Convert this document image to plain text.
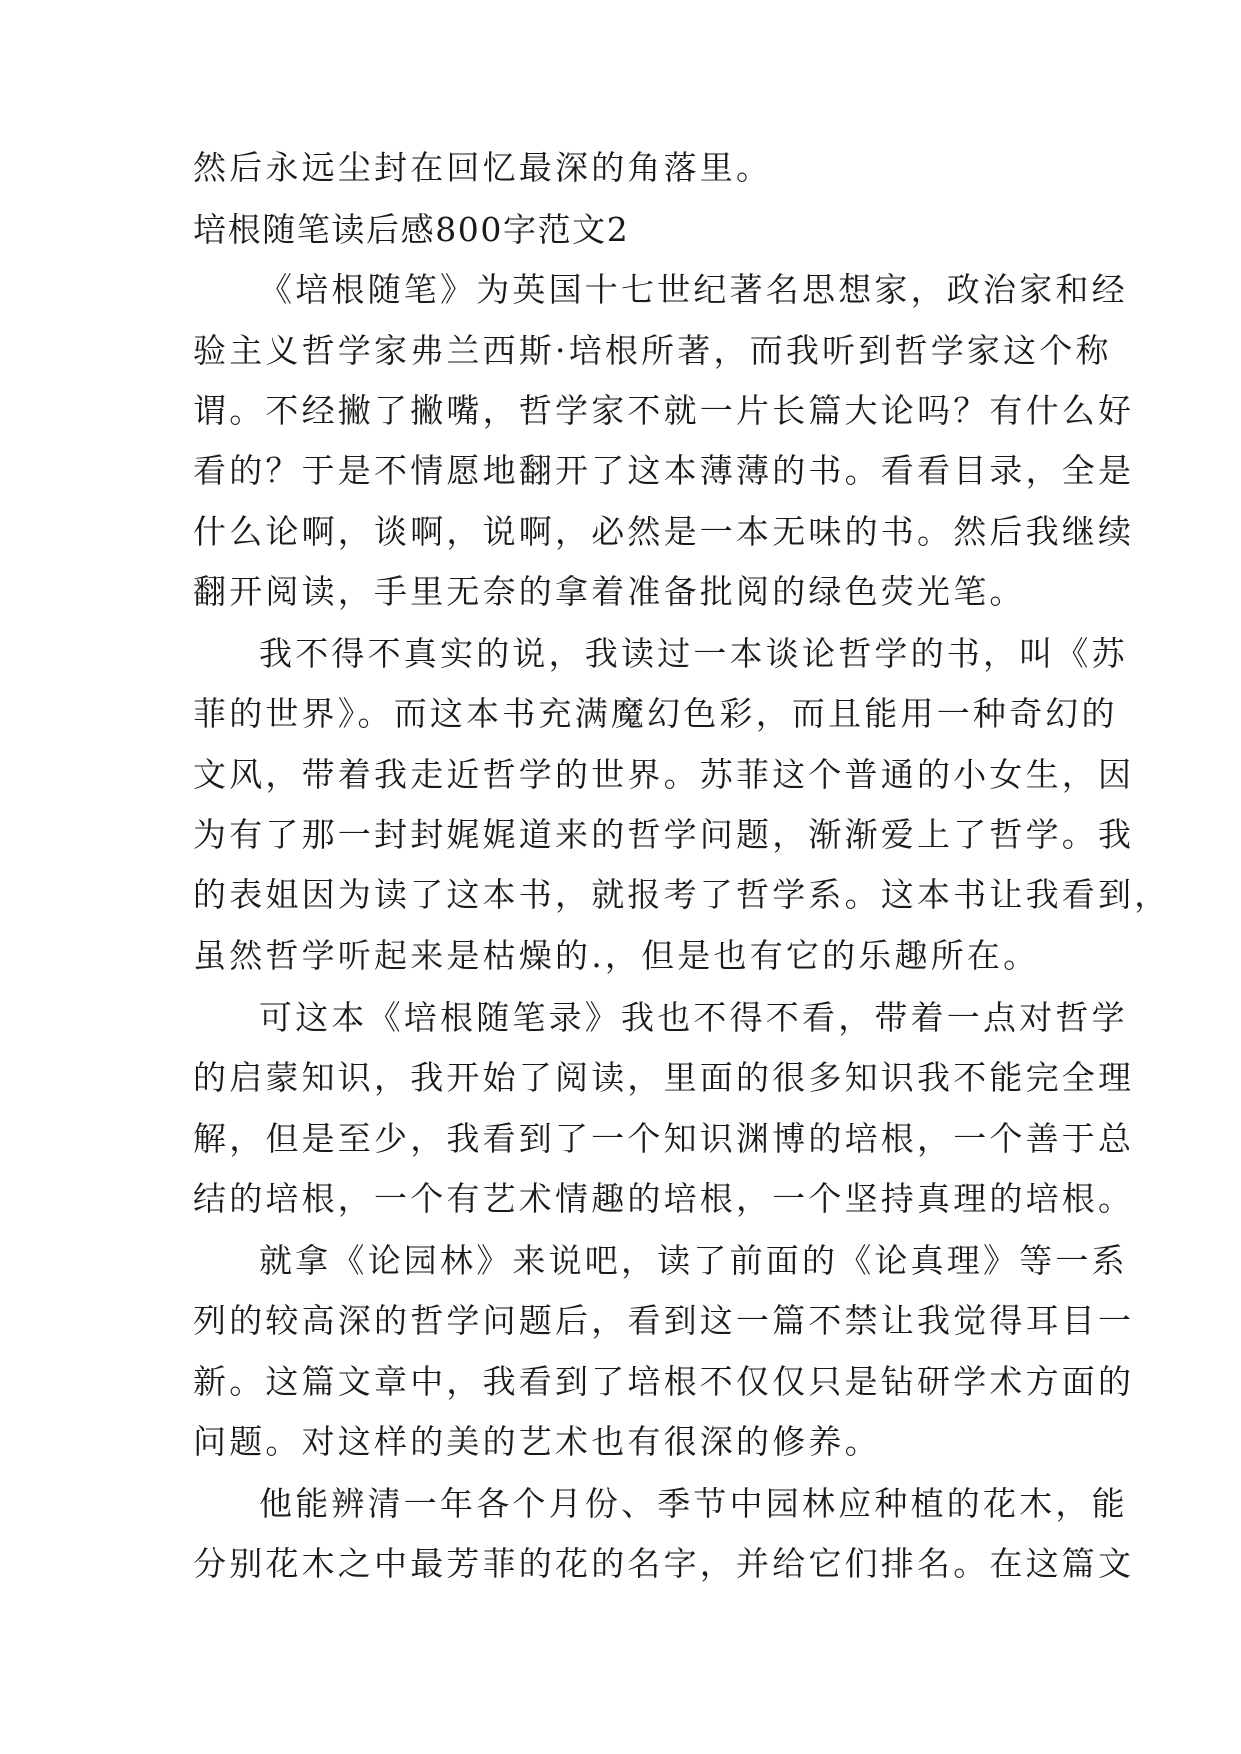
然后永远尘封在回忆最深的角落里。
培根随笔读后感800字范文2
《培根随笔》为英国十七世纪著名思想家，政治家和经
验主义哲学家弗兰西斯·培根所著，而我听到哲学家这个称
谓。不经撇了撇嘴，哲学家不就一片长篇大论吗？有什么好
看的？于是不情愿地翻开了这本薄薄的书。看看目录，全是
什么论啊，谈啊，说啊，必然是一本无味的书。然后我继续
翻开阅读，手里无奈的拿着准备批阅的绿色荧光笔。
我不得不真实的说，我读过一本谈论哲学的书，叫《苏
菲的世界》。而这本书充满魔幻色彩，而且能用一种奇幻的
文风，带着我走近哲学的世界。苏菲这个普通的小女生，因
为有了那一封封娓娓道来的哲学问题，渐渐爱上了哲学。我
的表姐因为读了这本书，就报考了哲学系。这本书让我看到，
虽然哲学听起来是枯燥的.，但是也有它的乐趣所在。
可这本《培根随笔录》我也不得不看，带着一点对哲学
的启蒙知识，我开始了阅读，里面的很多知识我不能完全理
解，但是至少，我看到了一个知识渊博的培根，一个善于总
结的培根，一个有艺术情趣的培根，一个坚持真理的培根。
就拿《论园林》来说吧，读了前面的《论真理》等一系
列的较高深的哲学问题后，看到这一篇不禁让我觉得耳目一
新。这篇文章中，我看到了培根不仅仅只是钻研学术方面的
问题。对这样的美的艺术也有很深的修养。
他能辨清一年各个月份、季节中园林应种植的花木，能
分别花木之中最芳菲的花的名字，并给它们排名。在这篇文
